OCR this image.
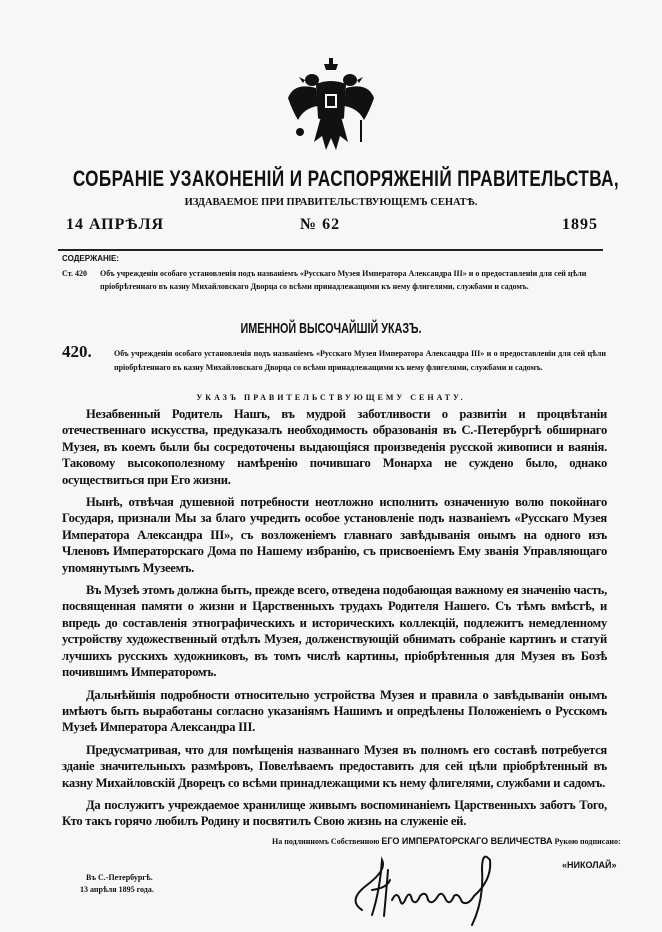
СОБРАНІЕ УЗАКОНЕНІЙ И РАСПОРЯЖЕНІЙ ПРАВИТЕЛЬСТВА,
ИЗДАВАЕМОЕ ПРИ ПРАВИТЕЛЬСТВУЮЩЕМЪ СЕНАТѢ.
14 АПРѢЛЯ	№ 62	1895
СОДЕРЖАНІЕ:
Ст. 420 Объ учрежденіи особаго установленія подъ названіемъ «Русскаго Музея Императора Александра III» и о предоставленіи для сей цѣли пріобрѣтеннаго въ казну Михайловскаго Дворца со всѣми принадлежащими къ нему флигелями, службами и садомъ.
ИМЕННОЙ ВЫСОЧАЙШІЙ УКАЗЪ.
420.	Объ учрежденіи особаго установленія подъ названіемъ «Русскаго Музея Императора Александра III» и о предоставленіи для сей цѣли пріобрѣтеннаго въ казну Михайловскаго Дворца со всѣми принадлежащими къ нему флигелями, службами и садомъ.
УКАЗЪ ПРАВИТЕЛЬСТВУЮЩЕМУ СЕНАТУ.

Незабвенный Родитель Нашъ, въ мудрой заботливости о развитіи и процвѣтаніи отечественнаго искусства, предуказалъ необходимость образованія въ С.-Петербургѣ обширнаго Музея, въ коемъ были бы сосредоточены выдающіяся произведенія русской живописи и ваянія. Таковому высокополезному намѣренію почившаго Монарха не суждено было, однако осуществиться при Его жизни.

Нынѣ, отвѣчая душевной потребности неотложно исполнить означенную волю покойнаго Государя, признали Мы за благо учредить особое установленіе подъ названіемъ «Русскаго Музея Императора Александра III», съ возложеніемъ главнаго завѣдыванія онымъ на одного изъ Членовъ Императорскаго Дома по Нашему избранію, съ присвоеніемъ Ему званія Управляющаго упомянутымъ Музеемъ.

Въ Музеѣ этомъ должна быть, прежде всего, отведена подобающая важному ея значенію часть, посвященная памяти о жизни и Царственныхъ трудахъ Родителя Нашего. Съ тѣмъ вмѣстѣ, и впредь до составленія этнографическихъ и историческихъ коллекцій, подлежитъ немедленному устройству художественный отдѣлъ Музея, долженствующій обнимать собраніе картинъ и статуй лучшихъ русскихъ художниковъ, въ томъ числѣ картины, пріобрѣтенныя для Музея въ Бозѣ почившимъ Императоромъ.

Дальнѣйшія подробности относительно устройства Музея и правила о завѣдываніи онымъ имѣютъ быть выработаны согласно указаніямъ Нашимъ и опредѣлены Положеніемъ о Русскомъ Музеѣ Императора Александра III.

Предусматривая, что для помѣщенія названнаго Музея въ полномъ его составѣ потребуется зданіе значительныхъ размѣровъ, Повелѣваемъ предоставить для сей цѣли пріобрѣтенный въ казну Михайловскій Дворецъ со всѣми принадлежащими къ нему флигелями, службами и садомъ.

Да послужитъ учреждаемое хранилище живымъ воспоминаніемъ Царственныхъ заботъ Того, Кто такъ горячо любилъ Родину и посвятилъ Свою жизнь на служеніе ей.

На подлинномъ Собственною ЕГО ИМПЕРАТОРСКАГО ВЕЛИЧЕСТВА Рукою подписано:
«НИКОЛАЙ»
Въ С.-Петербургѣ.
13 апрѣля 1895 года.
